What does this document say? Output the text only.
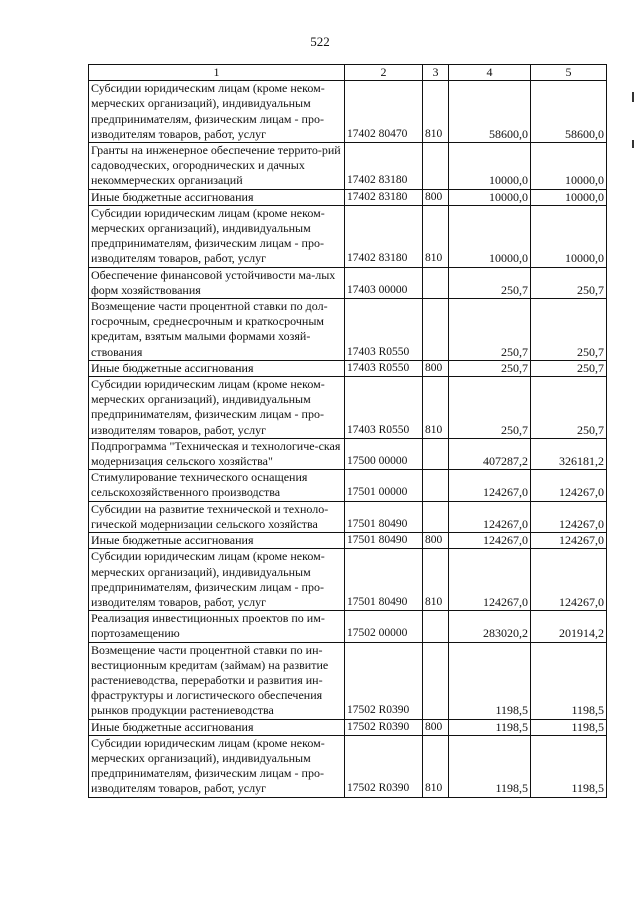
522
1	2	3	4	5
Субсидии юридическим лицам (кроме неком-мерческих организаций), индивидуальным предпринимателям, физическим лицам - про-изводителям товаров, работ, услуг	17402 80470	810	58600,0	58600,0
Гранты на инженерное обеспечение террито-рий садоводческих, огороднических и дачных некоммерческих организаций	17402 83180		10000,0	10000,0
Иные бюджетные ассигнования	17402 83180	800	10000,0	10000,0
Субсидии юридическим лицам (кроме неком-мерческих организаций), индивидуальным предпринимателям, физическим лицам - про-изводителям товаров, работ, услуг	17402 83180	810	10000,0	10000,0
Обеспечение финансовой устойчивости ма-лых форм хозяйствования	17403 00000		250,7	250,7
Возмещение части процентной ставки по дол-госрочным, среднесрочным и краткосрочным кредитам, взятым малыми формами хозяй-ствования	17403 R0550		250,7	250,7
Иные бюджетные ассигнования	17403 R0550	800	250,7	250,7
Субсидии юридическим лицам (кроме неком-мерческих организаций), индивидуальным предпринимателям, физическим лицам - про-изводителям товаров, работ, услуг	17403 R0550	810	250,7	250,7
Подпрограмма "Техническая и технологиче-ская модернизация сельского хозяйства"	17500 00000		407287,2	326181,2
Стимулирование технического оснащения сельскохозяйственного производства	17501 00000		124267,0	124267,0
Субсидии на развитие технической и техноло-гической модернизации сельского хозяйства	17501 80490		124267,0	124267,0
Иные бюджетные ассигнования	17501 80490	800	124267,0	124267,0
Субсидии юридическим лицам (кроме неком-мерческих организаций), индивидуальным предпринимателям, физическим лицам - про-изводителям товаров, работ, услуг	17501 80490	810	124267,0	124267,0
Реализация инвестиционных проектов по им-портозамещению	17502 00000		283020,2	201914,2
Возмещение части процентной ставки по ин-вестиционным кредитам (займам) на развитие растениеводства, переработки и развития ин-фраструктуры и логистического обеспечения рынков продукции растениеводства	17502 R0390		1198,5	1198,5
Иные бюджетные ассигнования	17502 R0390	800	1198,5	1198,5
Субсидии юридическим лицам (кроме неком-мерческих организаций), индивидуальным предпринимателям, физическим лицам - про-изводителям товаров, работ, услуг	17502 R0390	810	1198,5	1198,5
